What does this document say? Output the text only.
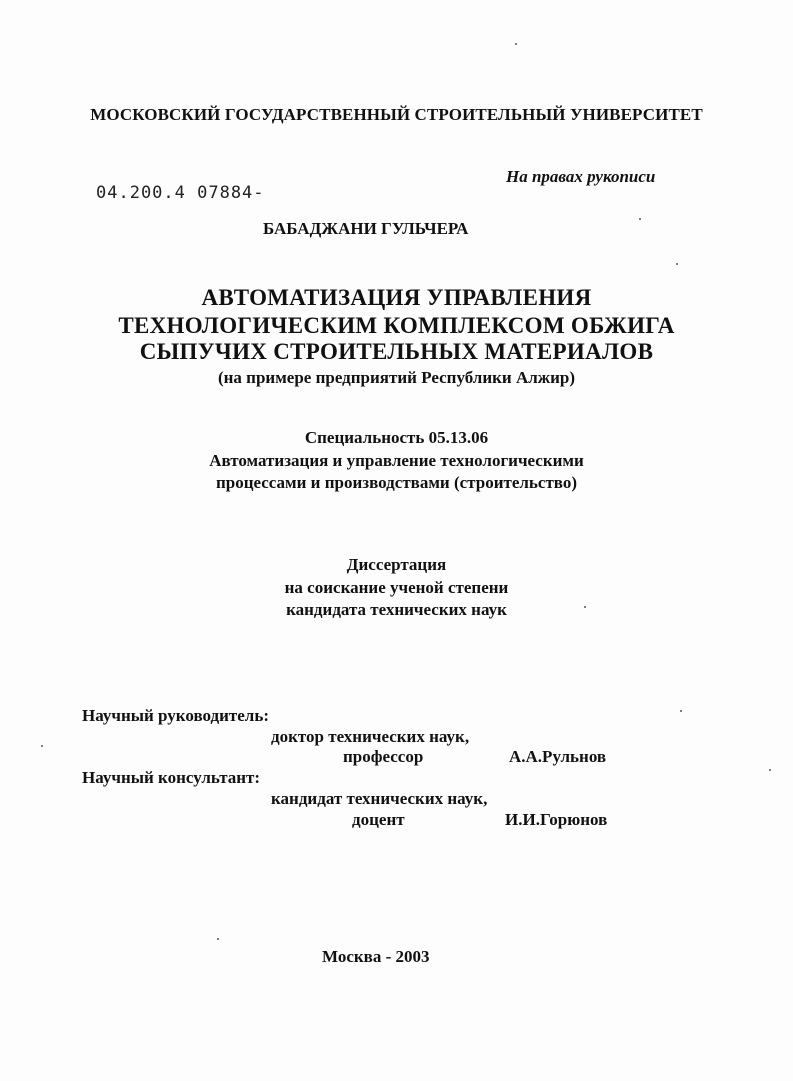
МОСКОВСКИЙ ГОСУДАРСТВЕННЫЙ СТРОИТЕЛЬНЫЙ УНИВЕРСИТЕТ
На правах рукописи
04.200.4 07884-
БАБАДЖАНИ ГУЛЬЧЕРА
АВТОМАТИЗАЦИЯ УПРАВЛЕНИЯ
ТЕХНОЛОГИЧЕСКИМ КОМПЛЕКСОМ ОБЖИГА
СЫПУЧИХ СТРОИТЕЛЬНЫХ МАТЕРИАЛОВ
(на примере предприятий Республики Алжир)
Специальность 05.13.06
Автоматизация и управление технологическими
процессами и производствами (строительство)
Диссертация
на соискание ученой степени
кандидата технических наук
Научный руководитель:
доктор технических наук,
профессор	А.А.Рульнов
Научный консультант:
кандидат технических наук,
доцент	И.И.Горюнов
Москва - 2003
